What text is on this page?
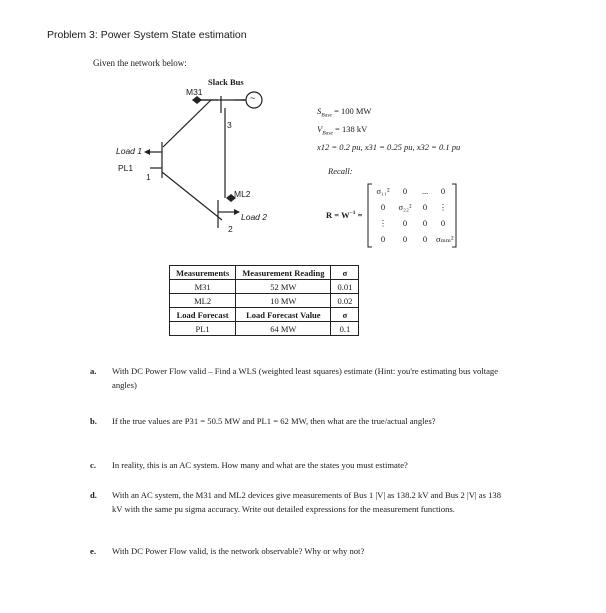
Problem 3: Power System State estimation
Given the network below:
Slack Bus
M31
3
~
Load 1
PL1
1
ML2
Load 2
2
$S_{Base} = 100$ MW
$V_{Base} = 138$ kV
x12 = 0.2 pu, x31 = 0.25 pu, x32 = 0.1 pu
Recall:
$R = W^{-1}$ =
σ₁₁²	0	...	0
0	σ₂₂²	0	⋮
⋮	0	0	0
0	0	0	σₘₘ²
Measurements	Measurement Reading	σ
M31	52 MW	0.01
ML2	10 MW	0.02
Load Forecast	Load Forecast Value	σ
PL1	64 MW	0.1
a. With DC Power Flow valid – Find a WLS (weighted least squares) estimate (Hint: you're estimating bus voltage angles)
b. If the true values are P31 = 50.5 MW and PL1 = 62 MW, then what are the true/actual angles?
c. In reality, this is an AC system. How many and what are the states you must estimate?
d. With an AC system, the M31 and ML2 devices give measurements of Bus 1 |V| as 138.2 kV and Bus 2 |V| as 138 kV with the same pu sigma accuracy. Write out detailed expressions for the measurement functions.
e. With DC Power Flow valid, is the network observable? Why or why not?
